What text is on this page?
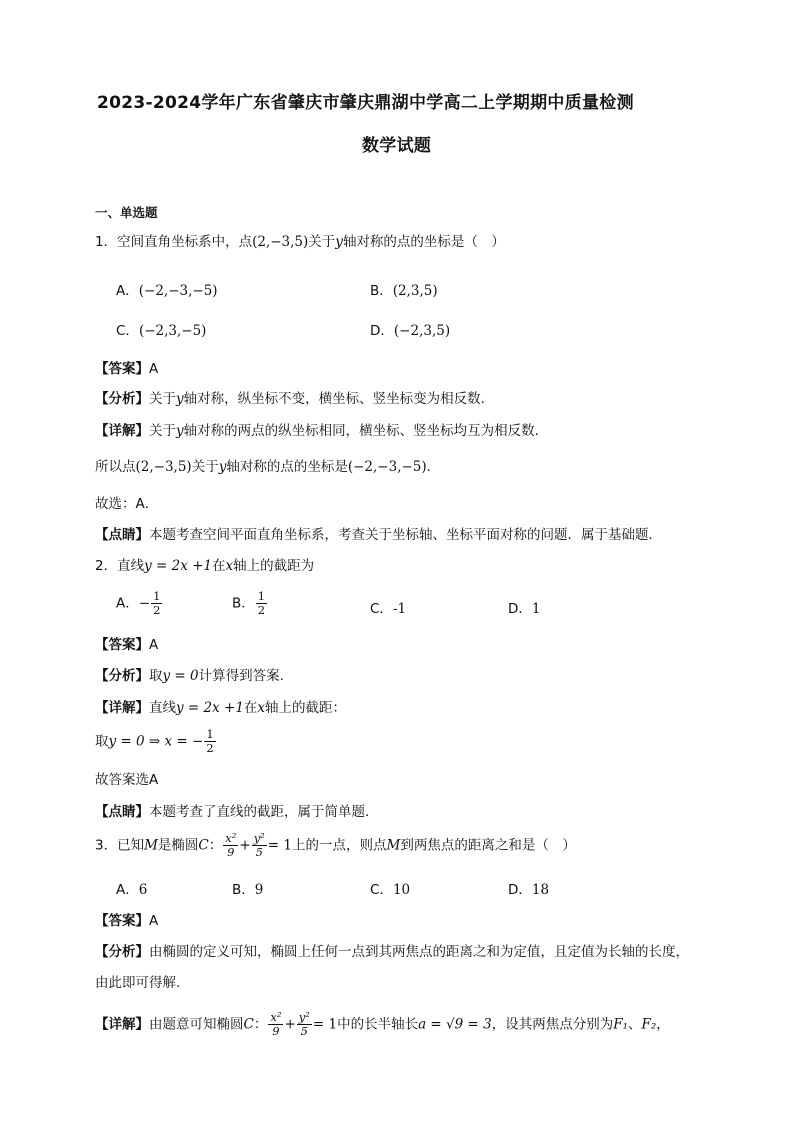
2023-2024学年广东省肇庆市肇庆鼎湖中学高二上学期期中质量检测
数学试题
一、单选题
1．空间直角坐标系中，点(2,−3,5)关于y轴对称的点的坐标是（　）
A．(−2,−3,−5)	B．(2,3,5)
C．(−2,3,−5)	D．(−2,3,5)
【答案】A
【分析】关于y轴对称，纵坐标不变，横坐标、竖坐标变为相反数．
【详解】关于y轴对称的两点的纵坐标相同，横坐标、竖坐标均互为相反数．
所以点(2,−3,5)关于y轴对称的点的坐标是(−2,−3,−5)．
故选：A．
【点睛】本题考查空间平面直角坐标系，考查关于坐标轴、坐标平面对称的问题．属于基础题．
2．直线y = 2x +1在x轴上的截距为
A．− $\frac{1}{2}$	B． $\frac{1}{2}$	C．-1	D．1
【答案】A
【分析】取y = 0计算得到答案.
【详解】直线y = 2x +1在x轴上的截距：
取y = 0 ⇒ x = − $\frac{1}{2}$
故答案选A
【点睛】本题考查了直线的截距，属于简单题.
3．已知M是椭圆C： $\frac{\text{x²}}{9} + \frac{\text{y²}}{5} = 1$上的一点，则点M到两焦点的距离之和是（　）
A．6	B．9	C．10	D．18
【答案】A
【分析】由椭圆的定义可知，椭圆上任何一点到其两焦点的距离之和为定值，且定值为长轴的长度，
由此即可得解.
【详解】由题意可知椭圆C： $\frac{\text{x²}}{9} + \frac{\text{y²}}{5} = 1$中的长半轴长a = √9 = 3，设其两焦点分别为F₁、F₂，
